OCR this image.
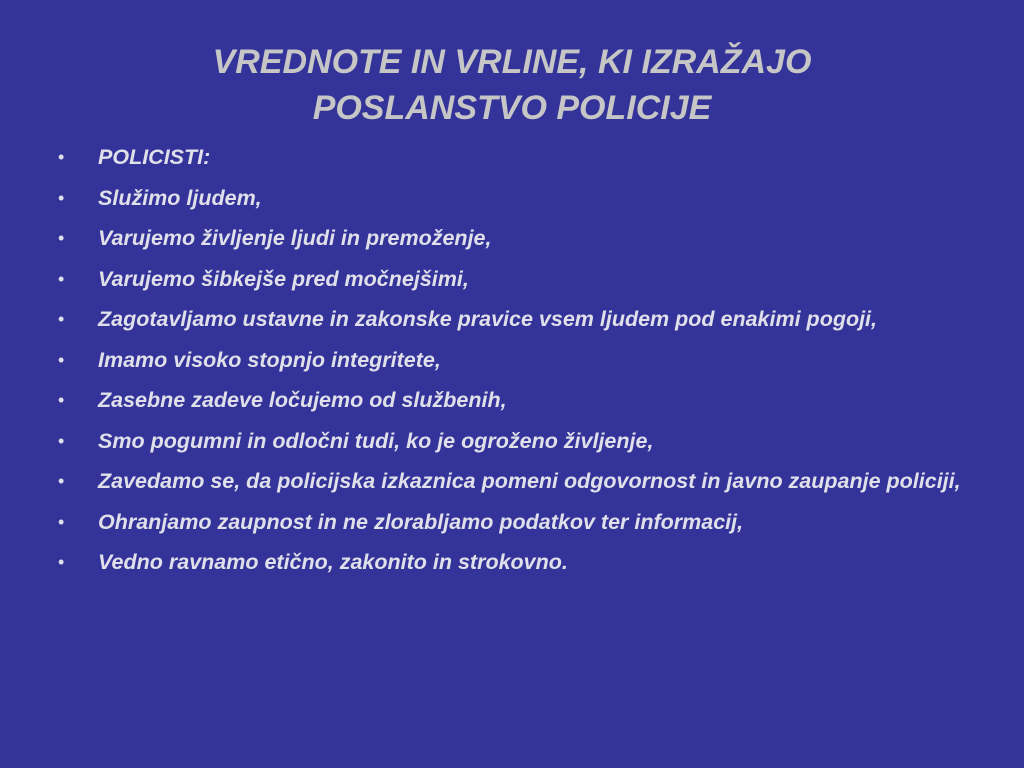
VREDNOTE IN VRLINE, KI IZRAŽAJO
POSLANSTVO POLICIJE
• POLICISTI:
• Služimo ljudem,
• Varujemo življenje ljudi in premoženje,
• Varujemo šibkejše pred močnejšimi,
• Zagotavljamo ustavne in zakonske pravice vsem ljudem pod enakimi pogoji,
• Imamo visoko stopnjo integritete,
• Zasebne zadeve ločujemo od službenih,
• Smo pogumni in odločni tudi, ko je ogroženo življenje,
• Zavedamo se, da policijska izkaznica pomeni odgovornost in javno zaupanje policiji,
• Ohranjamo zaupnost in ne zlorabljamo podatkov ter informacij,
• Vedno ravnamo etično, zakonito in strokovno.
